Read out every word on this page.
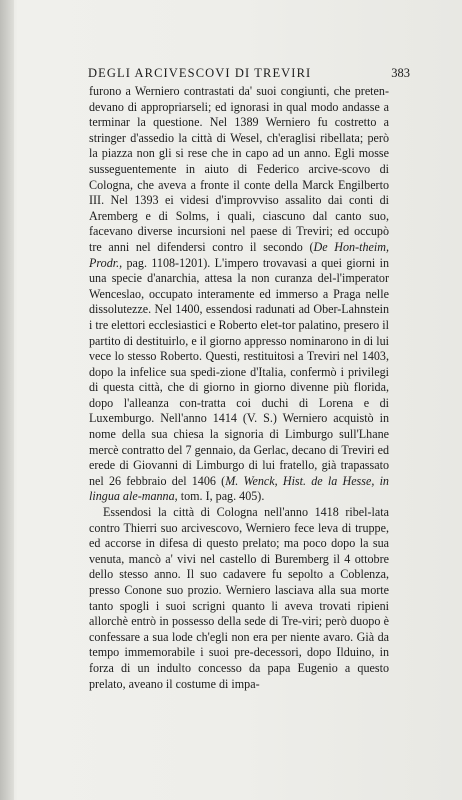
DEGLI ARCIVESCOVI DI TREVIRI	383

furono a Werniero contrastati da' suoi congiunti, che preten-devano di appropriarseli; ed ignorasi in qual modo andasse a terminar la questione. Nel 1389 Werniero fu costretto a stringer d'assedio la città di Wesel, ch'eraglisi ribellata; però la piazza non gli si rese che in capo ad un anno. Egli mosse susseguentemente in aiuto di Federico arcive-scovo di Cologna, che aveva a fronte il conte della Marck Engilberto III. Nel 1393 ei videsi d'improvviso assalito dai conti di Aremberg e di Solms, i quali, ciascuno dal canto suo, facevano diverse incursioni nel paese di Treviri; ed occupò tre anni nel difendersi contro il secondo (De Hon-theim, Prodr., pag. 1108-1201). L'impero trovavasi a quei giorni in una specie d'anarchia, attesa la non curanza del-l'imperator Wenceslao, occupato interamente ed immerso a Praga nelle dissolutezze. Nel 1400, essendosi radunati ad Ober-Lahnstein i tre elettori ecclesiastici e Roberto elet-tor palatino, presero il partito di destituirlo, e il giorno appresso nominarono in di lui vece lo stesso Roberto. Questi, restituitosi a Treviri nel 1403, dopo la infelice sua spedi-zione d'Italia, confermò i privilegi di questa città, che di giorno in giorno divenne più florida, dopo l'alleanza con-tratta coi duchi di Lorena e di Luxemburgo. Nell'anno 1414 (V. S.) Werniero acquistò in nome della sua chiesa la signoria di Limburgo sull'Lhane mercè contratto del 7 gennaio, da Gerlac, decano di Treviri ed erede di Giovanni di Limburgo di lui fratello, già trapassato nel 26 febbraio del 1406 (M. Wenck, Hist. de la Hesse, in lingua ale-manna, tom. I, pag. 405).

Essendosi la città di Cologna nell'anno 1418 ribel-lata contro Thierri suo arcivescovo, Werniero fece leva di truppe, ed accorse in difesa di questo prelato; ma poco dopo la sua venuta, mancò a' vivi nel castello di Buremberg il 4 ottobre dello stesso anno. Il suo cadavere fu sepolto a Coblenza, presso Conone suo prozio. Werniero lasciava alla sua morte tanto spogli i suoi scrigni quanto li aveva trovati ripieni allorchè entrò in possesso della sede di Tre-viri; però duopo è confessare a sua lode ch'egli non era per niente avaro. Già da tempo immemorabile i suoi pre-decessori, dopo Ilduino, in forza di un indulto concesso da papa Eugenio a questo prelato, aveano il costume di impa-
